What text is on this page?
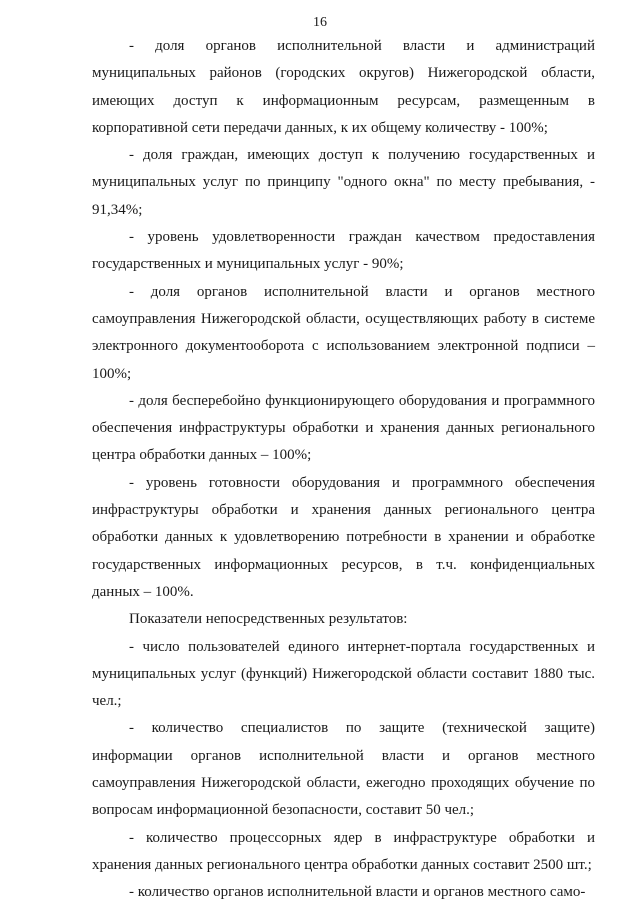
16

- доля органов исполнительной власти и администраций муниципальных районов (городских округов) Нижегородской области, имеющих доступ к информационным ресурсам, размещенным в корпоративной сети передачи данных, к их общему количеству - 100%;

- доля граждан, имеющих доступ к получению государственных и муниципальных услуг по принципу "одного окна" по месту пребывания, - 91,34%;

- уровень удовлетворенности граждан качеством предоставления государственных и муниципальных услуг - 90%;

- доля органов исполнительной власти и органов местного самоуправления Нижегородской области, осуществляющих работу в системе электронного документооборота с использованием электронной подписи – 100%;

- доля бесперебойно функционирующего оборудования и программного обеспечения инфраструктуры обработки и хранения данных регионального центра обработки данных – 100%;

- уровень готовности оборудования и программного обеспечения инфраструктуры обработки и хранения данных регионального центра обработки данных к удовлетворению потребности в хранении и обработке государственных информационных ресурсов, в т.ч. конфиденциальных данных – 100%.

Показатели непосредственных результатов:

- число пользователей единого интернет-портала государственных и муниципальных услуг (функций) Нижегородской области составит 1880 тыс. чел.;

- количество специалистов по защите (технической защите) информации органов исполнительной власти и органов местного самоуправления Нижегородской области, ежегодно проходящих обучение по вопросам информационной безопасности, составит 50 чел.;

- количество процессорных ядер в инфраструктуре обработки и хранения данных регионального центра обработки данных составит 2500 шт.;

- количество органов исполнительной власти и органов местного само-
